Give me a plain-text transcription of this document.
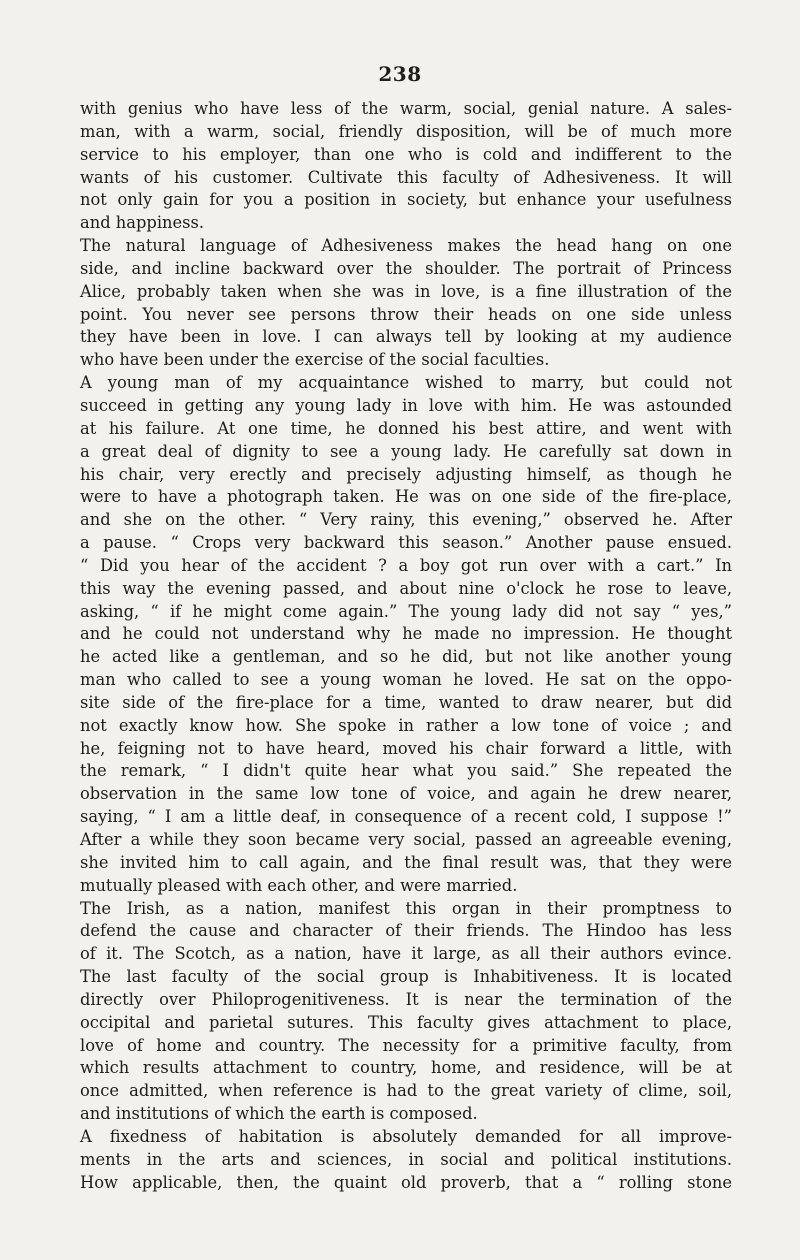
238
with genius who have less of the warm, social, genial nature. A sales-
man, with a warm, social, friendly disposition, will be of much more
service to his employer, than one who is cold and indifferent to the
wants of his customer. Cultivate this faculty of Adhesiveness. It will
not only gain for you a position in society, but enhance your usefulness
and happiness.
The natural language of Adhesiveness makes the head hang on one
side, and incline backward over the shoulder. The portrait of Princess
Alice, probably taken when she was in love, is a fine illustration of the
point. You never see persons throw their heads on one side unless
they have been in love. I can always tell by looking at my audience
who have been under the exercise of the social faculties.
A young man of my acquaintance wished to marry, but could not
succeed in getting any young lady in love with him. He was astounded
at his failure. At one time, he donned his best attire, and went with
a great deal of dignity to see a young lady. He carefully sat down in
his chair, very erectly and precisely adjusting himself, as though he
were to have a photograph taken. He was on one side of the fire-place,
and she on the other. “ Very rainy, this evening,” observed he. After
a pause. “ Crops very backward this season.” Another pause ensued.
“ Did you hear of the accident ? a boy got run over with a cart.” In
this way the evening passed, and about nine o'clock he rose to leave,
asking, “ if he might come again.” The young lady did not say “ yes,”
and he could not understand why he made no impression. He thought
he acted like a gentleman, and so he did, but not like another young
man who called to see a young woman he loved. He sat on the oppo-
site side of the fire-place for a time, wanted to draw nearer, but did
not exactly know how. She spoke in rather a low tone of voice ; and
he, feigning not to have heard, moved his chair forward a little, with
the remark, “ I didn't quite hear what you said.” She repeated the
observation in the same low tone of voice, and again he drew nearer,
saying, “ I am a little deaf, in consequence of a recent cold, I suppose !”
After a while they soon became very social, passed an agreeable evening,
she invited him to call again, and the final result was, that they were
mutually pleased with each other, and were married.
The Irish, as a nation, manifest this organ in their promptness to
defend the cause and character of their friends. The Hindoo has less
of it. The Scotch, as a nation, have it large, as all their authors evince.
The last faculty of the social group is Inhabitiveness. It is located
directly over Philoprogenitiveness. It is near the termination of the
occipital and parietal sutures. This faculty gives attachment to place,
love of home and country. The necessity for a primitive faculty, from
which results attachment to country, home, and residence, will be at
once admitted, when reference is had to the great variety of clime, soil,
and institutions of which the earth is composed.
A fixedness of habitation is absolutely demanded for all improve-
ments in the arts and sciences, in social and political institutions.
How applicable, then, the quaint old proverb, that a “ rolling stone
